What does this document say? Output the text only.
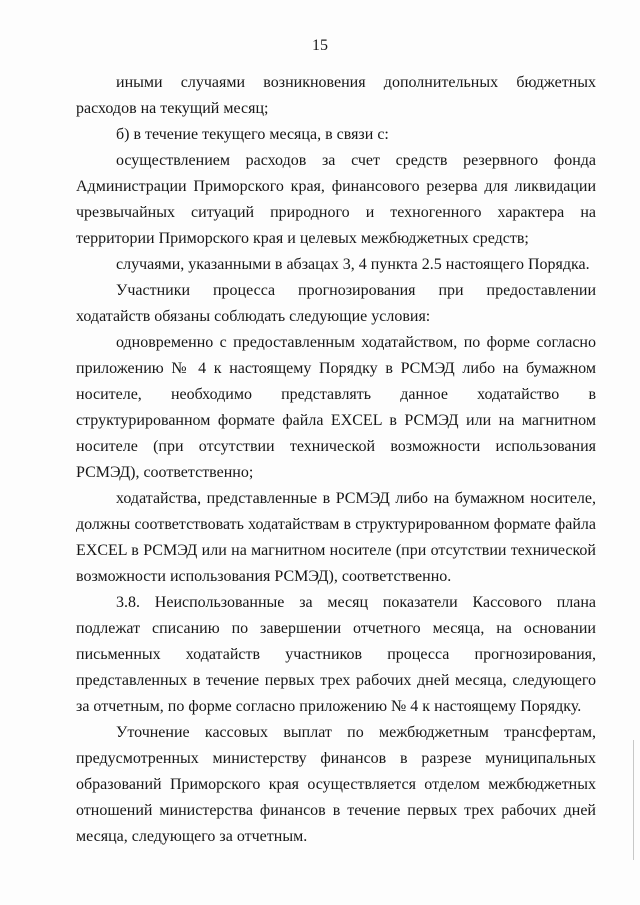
15

иными случаями возникновения дополнительных бюджетных расходов на текущий месяц;

б) в течение текущего месяца, в связи с:

осуществлением расходов за счет средств резервного фонда Администрации Приморского края, финансового резерва для ликвидации чрезвычайных ситуаций природного и техногенного характера на территории Приморского края и целевых межбюджетных средств;

случаями, указанными в абзацах 3, 4 пункта 2.5 настоящего Порядка.

Участники процесса прогнозирования при предоставлении ходатайств обязаны соблюдать следующие условия:

одновременно с предоставленным ходатайством, по форме согласно приложению № 4 к настоящему Порядку в РСМЭД либо на бумажном носителе, необходимо представлять данное ходатайство в структурированном формате файла EXCEL в РСМЭД или на магнитном носителе (при отсутствии технической возможности использования РСМЭД), соответственно;

ходатайства, представленные в РСМЭД либо на бумажном носителе, должны соответствовать ходатайствам в структурированном формате файла EXCEL в РСМЭД или на магнитном носителе (при отсутствии технической возможности использования РСМЭД), соответственно.

3.8. Неиспользованные за месяц показатели Кассового плана подлежат списанию по завершении отчетного месяца, на основании письменных ходатайств участников процесса прогнозирования, представленных в течение первых трех рабочих дней месяца, следующего за отчетным, по форме согласно приложению № 4 к настоящему Порядку.

Уточнение кассовых выплат по межбюджетным трансфертам, предусмотренных министерству финансов в разрезе муниципальных образований Приморского края осуществляется отделом межбюджетных отношений министерства финансов в течение первых трех рабочих дней месяца, следующего за отчетным.
